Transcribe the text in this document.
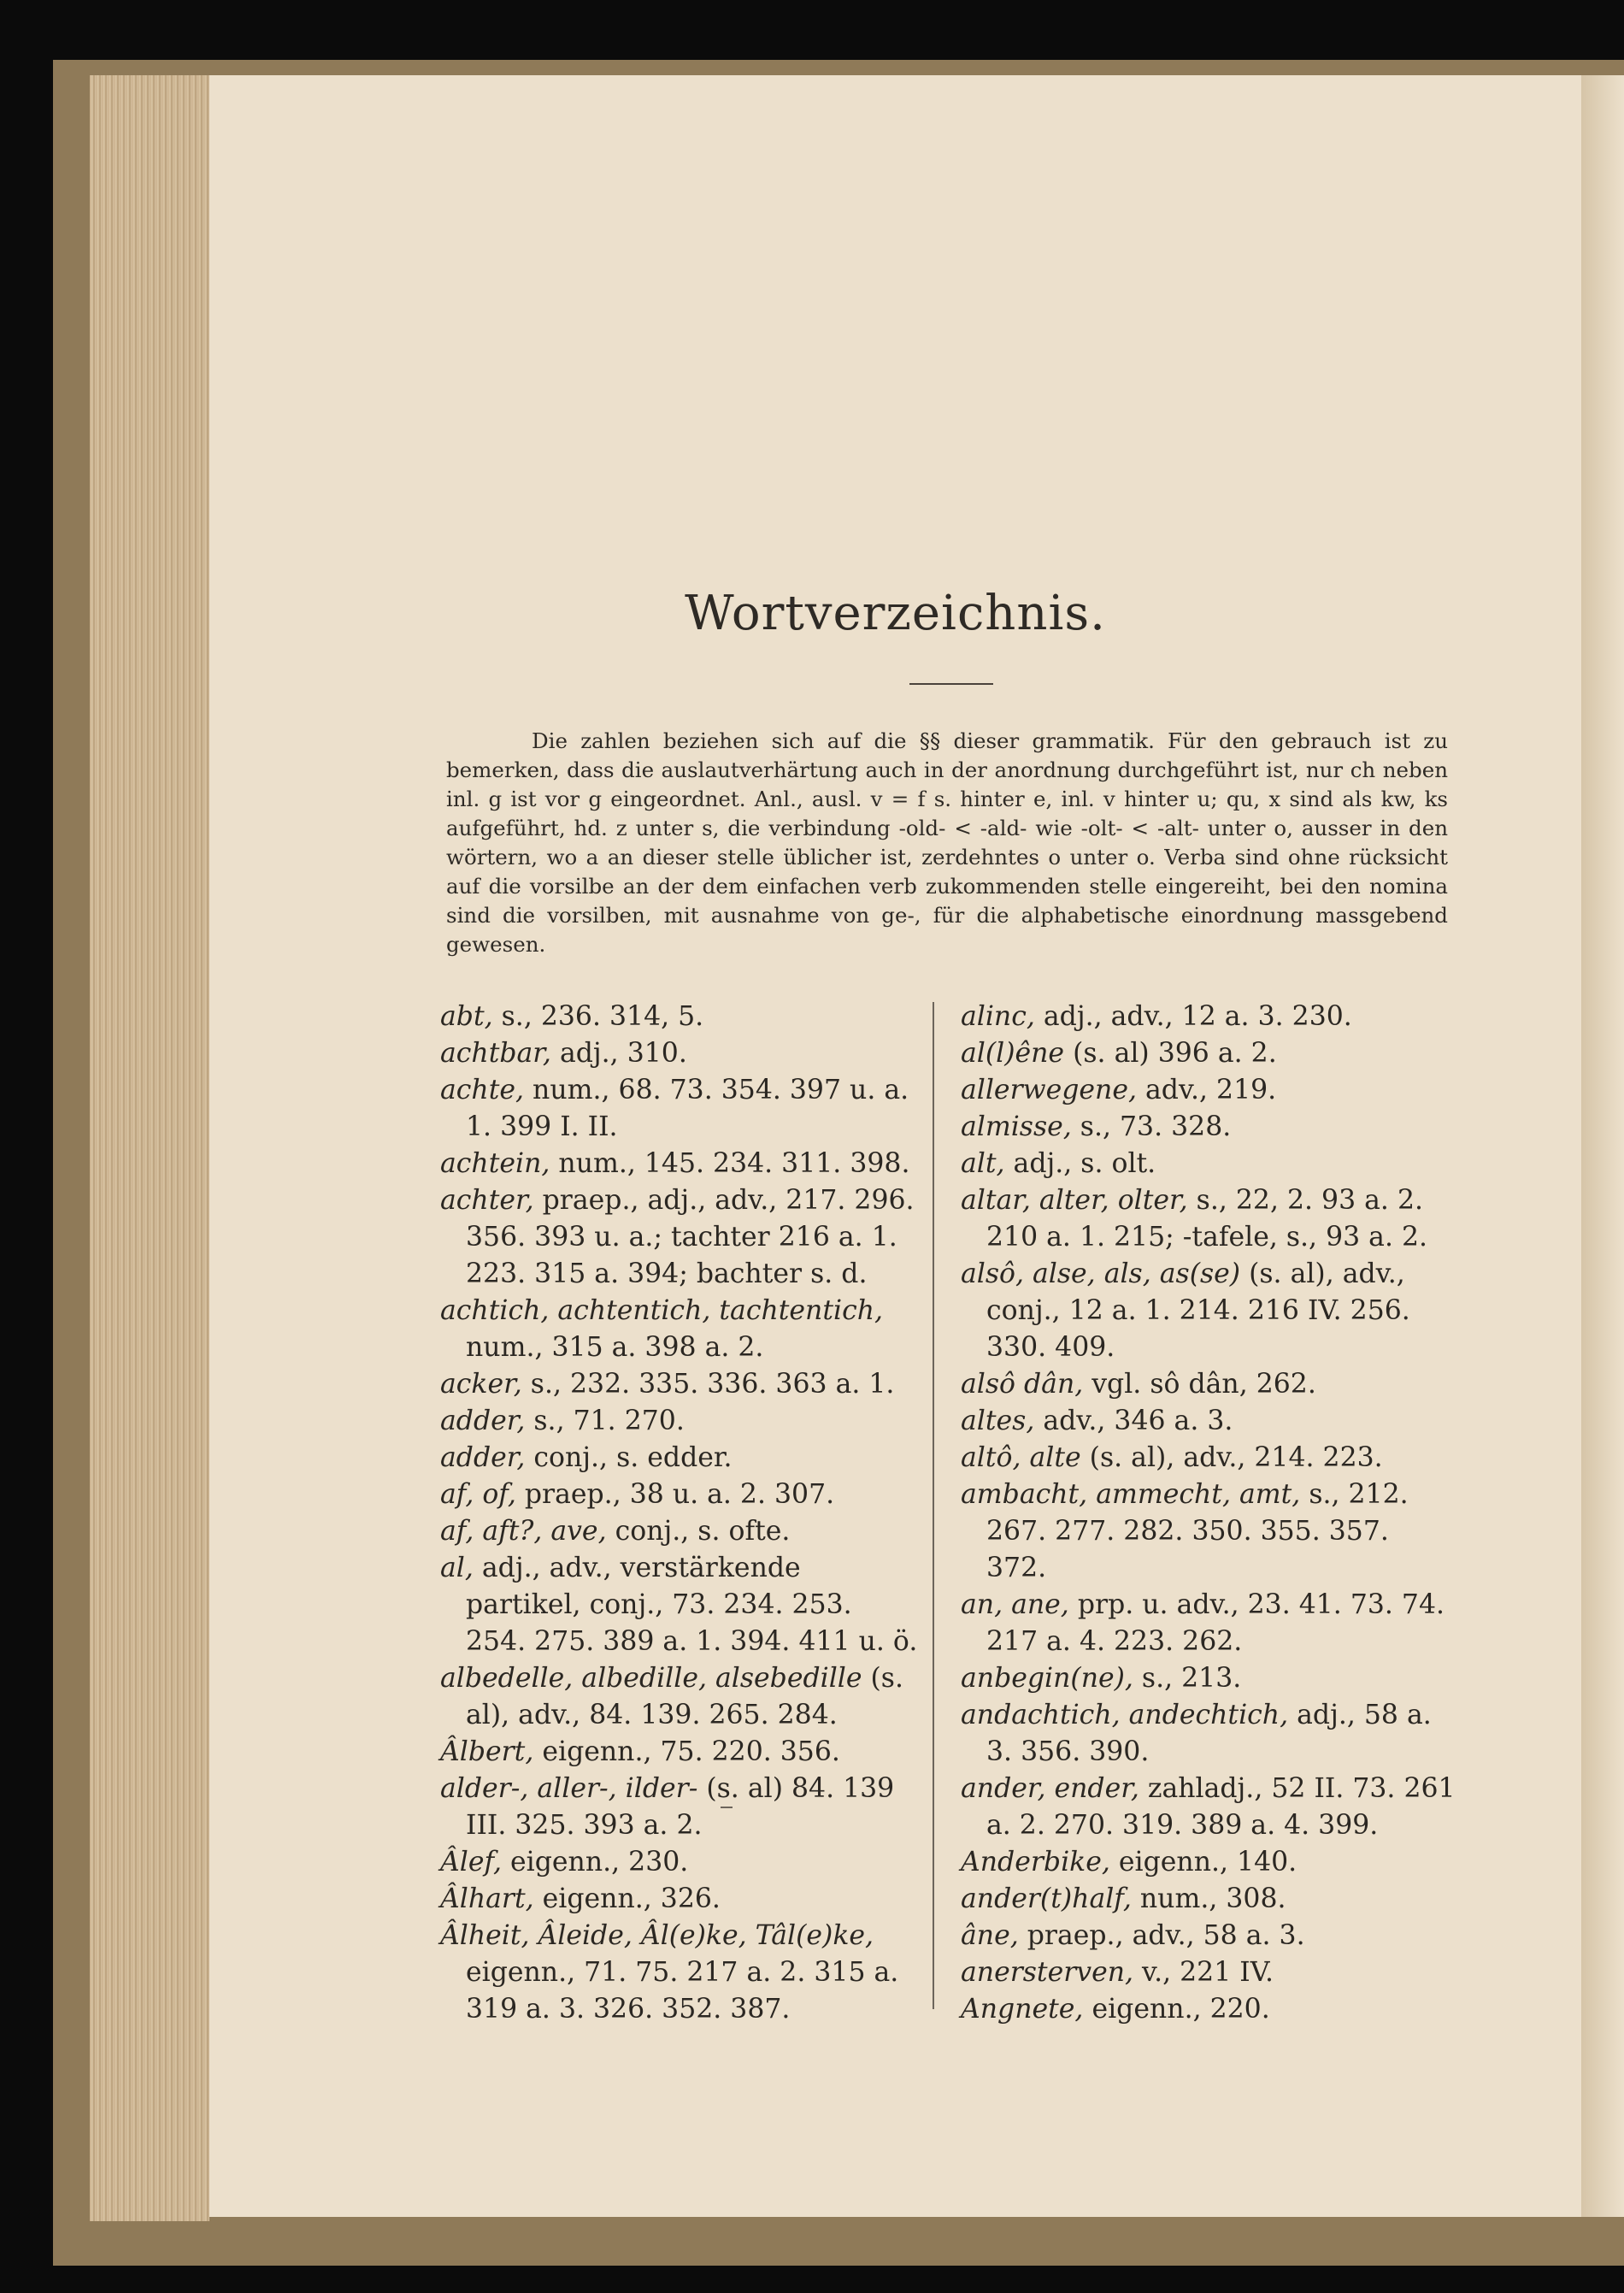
Wortverzeichnis.
Die zahlen beziehen sich auf die §§ dieser grammatik. Für den gebrauch ist zu bemerken, dass die auslautverhärtung auch in der anordnung durchgeführt ist, nur ch neben inl. g ist vor g eingeordnet. Anl., ausl. v = f s. hinter e, inl. v hinter u; qu, x sind als kw, ks aufgeführt, hd. z unter s, die verbindung -old- < -ald- wie -olt- < -alt- unter o, ausser in den wörtern, wo a an dieser stelle üblicher ist, zerdehntes o unter o. Verba sind ohne rücksicht auf die vorsilbe an der dem einfachen verb zukommenden stelle eingereiht, bei den nomina sind die vorsilben, mit ausnahme von ge-, für die alphabetische einordnung massgebend gewesen.

abt, s., 236. 314, 5.

achtbar, adj., 310.

achte, num., 68. 73. 354. 397 u. a. 1. 399 I. II.

achtein, num., 145. 234. 311. 398.

achter, praep., adj., adv., 217. 296. 356. 393 u. a.; tachter 216 a. 1. 223. 315 a. 394; bachter s. d.

achtich, achtentich, tachtentich, num., 315 a. 398 a. 2.

acker, s., 232. 335. 336. 363 a. 1.

adder, s., 71. 270.

adder, conj., s. edder.

af, of, praep., 38 u. a. 2. 307.

af, aft?, ave, conj., s. ofte.

al, adj., adv., verstärkende partikel, conj., 73. 234. 253. 254. 275. 389 a. 1. 394. 411 u. ö.

albedelle, albedille, alsebedille (s. al), adv., 84. 139. 265. 284.

Âlbert, eigenn., 75. 220. 356.

alder-, aller-, ilder- (s. al) 84. 139 III. 325. 393 a. 2.

Âlef, eigenn., 230.

Âlhart, eigenn., 326.

Âlheit, Âleide, Âl(e)ke, Tâl(e)ke, eigenn., 71. 75. 217 a. 2. 315 a. 319 a. 3. 326. 352. 387.

alinc, adj., adv., 12 a. 3. 230.

al(l)êne (s. al) 396 a. 2.

allerwegene, adv., 219.

almisse, s., 73. 328.

alt, adj., s. olt.

altar, alter, olter, s., 22, 2. 93 a. 2. 210 a. 1. 215; -tafele, s., 93 a. 2.

alsô, alse, als, as(se) (s. al), adv., conj., 12 a. 1. 214. 216 IV. 256. 330. 409.

alsô dân, vgl. sô dân, 262.

altes, adv., 346 a. 3.

altô, alte (s. al), adv., 214. 223.

ambacht, ammecht, amt, s., 212. 267. 277. 282. 350. 355. 357. 372.

an, ane, prp. u. adv., 23. 41. 73. 74. 217 a. 4. 223. 262.

anbegin(ne), s., 213.

andachtich, andechtich, adj., 58 a. 3. 356. 390.

ander, ender, zahladj., 52 II. 73. 261 a. 2. 270. 319. 389 a. 4. 399.

Anderbike, eigenn., 140.

ander(t)half, num., 308.

âne, praep., adv., 58 a. 3.

anersterven, v., 221 IV.

Angnete, eigenn., 220.
